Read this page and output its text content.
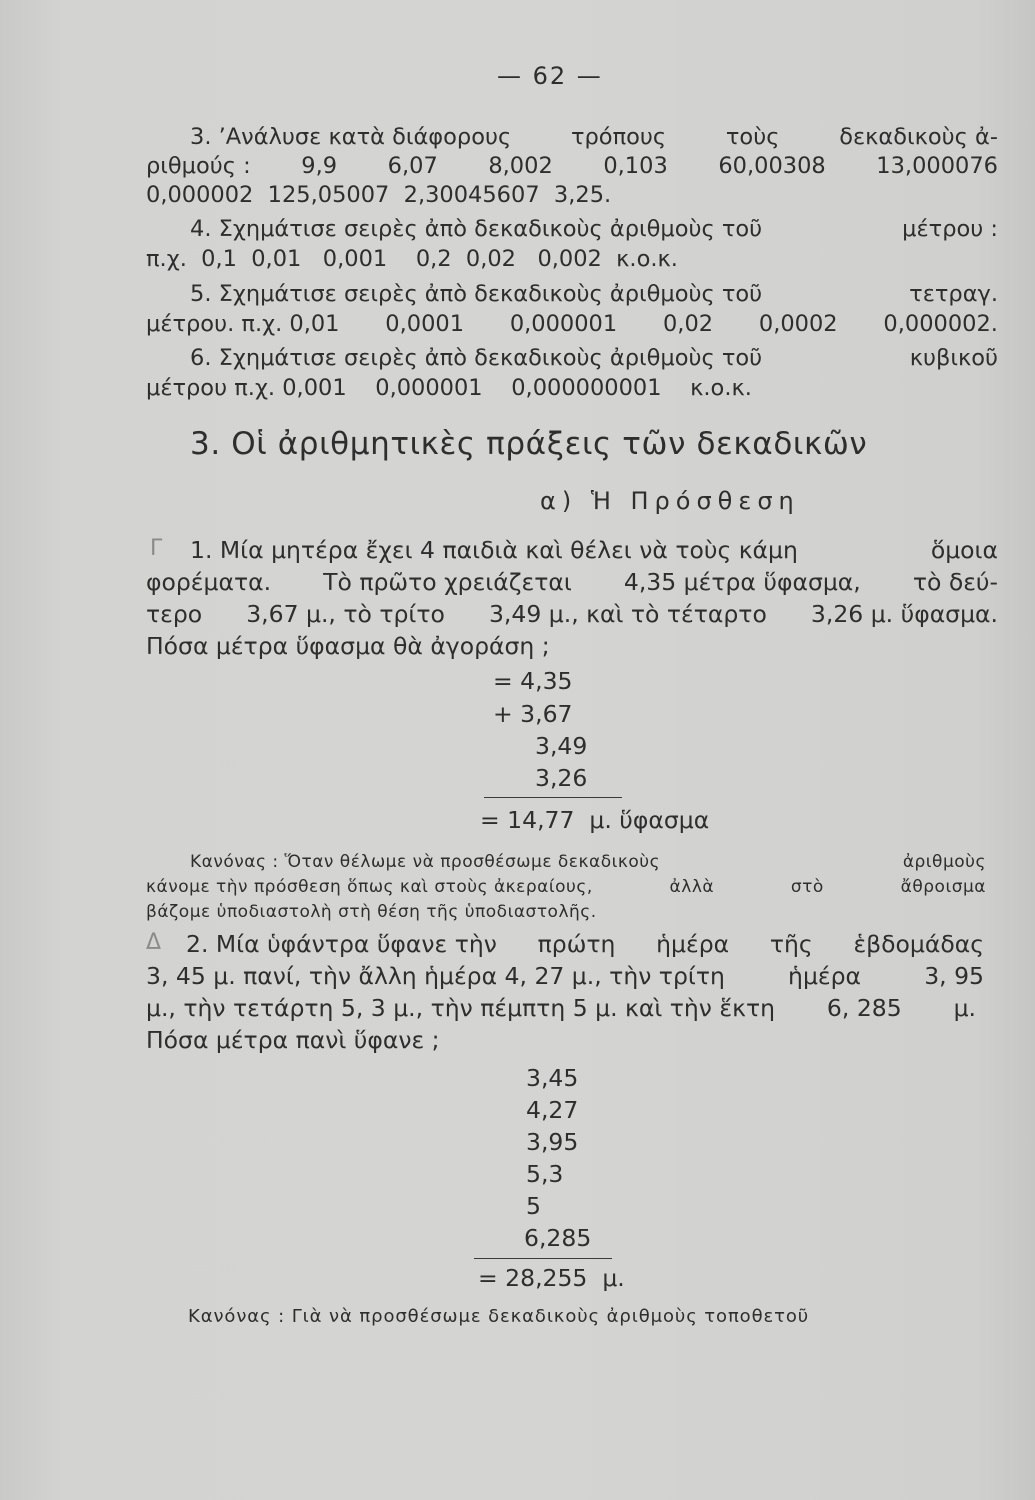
— 62 —
3. ’Ανάλυσε κατὰ διάφορους	τρόπους	τοὺς	δεκαδικοὺς ἀ-
ριθμούς : 9,9 6,07 8,002 0,103 60,00308 13,000076
0,000002  125,05007  2,30045607  3,25.
4. Σχημάτισε σειρὲς ἀπὸ δεκαδικοὺς ἀριθμοὺς τοῦ	μέτρου :
π.χ.  0,1  0,01   0,001    0,2  0,02   0,002  κ.ο.κ.
5. Σχημάτισε σειρὲς ἀπὸ δεκαδικοὺς ἀριθμοὺς τοῦ	τετραγ.
μέτρου. π.χ. 0,01 0,0001 0,000001 0,02 0,0002 0,000002.
6. Σχημάτισε σειρὲς ἀπὸ δεκαδικοὺς ἀριθμοὺς τοῦ	κυβικοῦ
μέτρου π.χ. 0,001    0,000001    0,000000001    κ.ο.κ.
3. Οἱ ἀριθμητικὲς πράξεις τῶν δεκαδικῶν
α) Ἡ Πρόσθεση
Γ 1. Μία μητέρα ἔχει 4 παιδιὰ καὶ θέλει νὰ τοὺς κάμη	ὅμοια
φορέματα. Τὸ πρῶτο χρειάζεται 4,35 μέτρα ὕφασμα, τὸ δεύ-
τερο 3,67 μ., τὸ τρίτο 3,49 μ., καὶ τὸ τέταρτο 3,26 μ. ὕφασμα.
Πόσα μέτρα ὕφασμα θὰ ἀγοράση ;
= 4,35
+ 3,67
3,49
3,26
= 14,77  μ. ὕφασμα
Κανόνας : Ὅταν θέλωμε νὰ προσθέσωμε δεκαδικοὺς	ἀριθμοὺς
κάνομε τὴν πρόσθεση ὅπως καὶ στοὺς ἀκεραίους,	ἀλλὰ	στὸ	ἄθροισμα
βάζομε ὑποδιαστολὴ στὴ θέση τῆς ὑποδιαστολῆς.
Δ 2. Μία ὑφάντρα ὕφανε τὴν πρώτη ἡμέρα τῆς ἑβδομάδας
3, 45 μ. πανί, τὴν ἄλλη ἡμέρα 4, 27 μ., τὴν τρίτη	ἡμέρα	3, 95
μ., τὴν τετάρτη 5, 3 μ., τὴν πέμπτη 5 μ. καὶ τὴν ἕκτη 6, 285 μ.
Πόσα μέτρα πανὶ ὕφανε ;
3,45
4,27
3,95
5,3
5
6,285
= 28,255  μ.
Κανόνας : Γιὰ νὰ προσθέσωμε δεκαδικοὺς ἀριθμοὺς τοποθετοῦ
